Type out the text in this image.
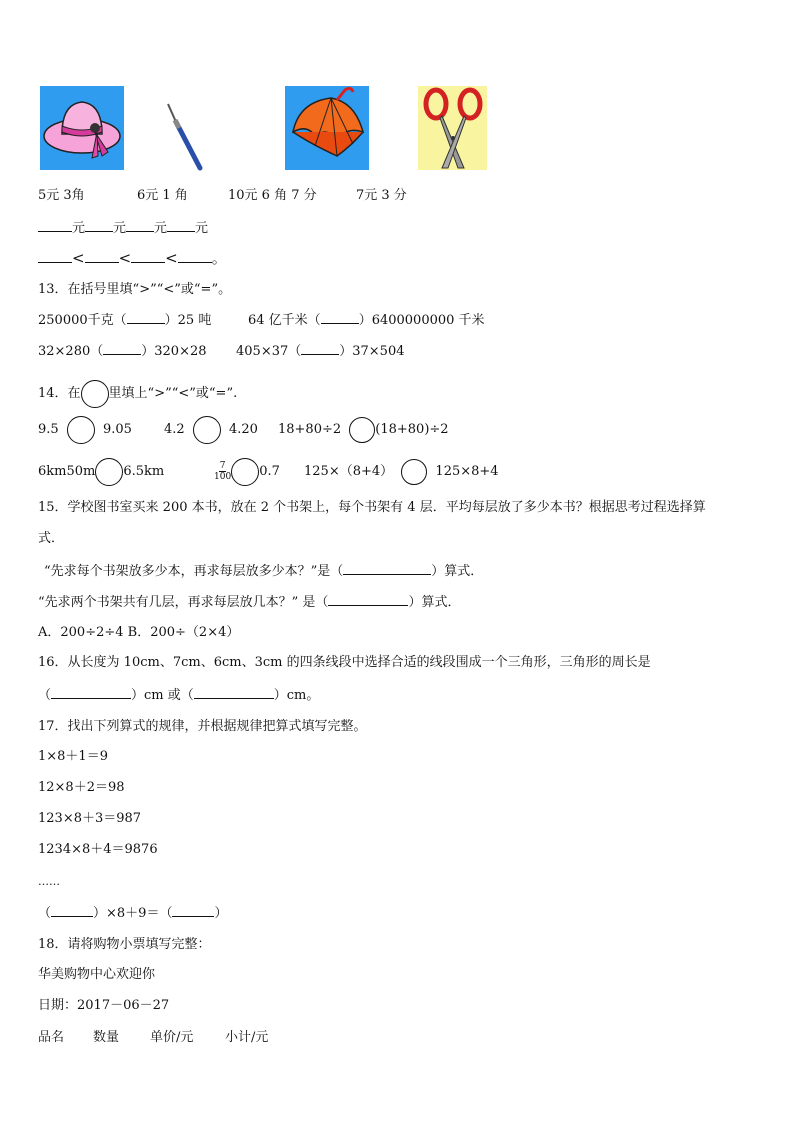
5元 3角	6元 1 角	10元 6 角 7 分	7元 3 分
元 元 元 元
< < < 。
13．在括号里填“>”“<”或“=”。
250000千克（	）25 吨	64 亿千米（	）6400000000 千米
32×280（	）320×28 405×37（	）37×504
14．在 里填上“>”“<”或“=”.
9.5	9.05 4.2	4.20 18+80÷2	(18+80)÷2
6km50m 6.5km	$\frac{7}{100} 0.7$ 125×（8+4）	125×8+4
15．学校图书室买来 200 本书，放在 2 个书架上，每个书架有 4 层．平均每层放了多少本书？根据思考过程选择算
式．
“先求每个书架放多少本，再求每层放多少本？”是（	）算式．
“先求两个书架共有几层，再求每层放几本？” 是（	）算式．
A．200÷2÷4 B．200÷（2×4）
16．从长度为 10cm、7cm、6cm、3cm 的四条线段中选择合适的线段围成一个三角形，三角形的周长是
（	）cm 或（	）cm。
17．找出下列算式的规律，并根据规律把算式填写完整。
1×8＋1＝9
12×8＋2＝98
123×8＋3＝987
1234×8＋4＝9876
……
（	）×8＋9＝（	）
18．请将购物小票填写完整：
华美购物中心欢迎你
日期：2017－06－27
品名 数量 单价/元 小计/元
